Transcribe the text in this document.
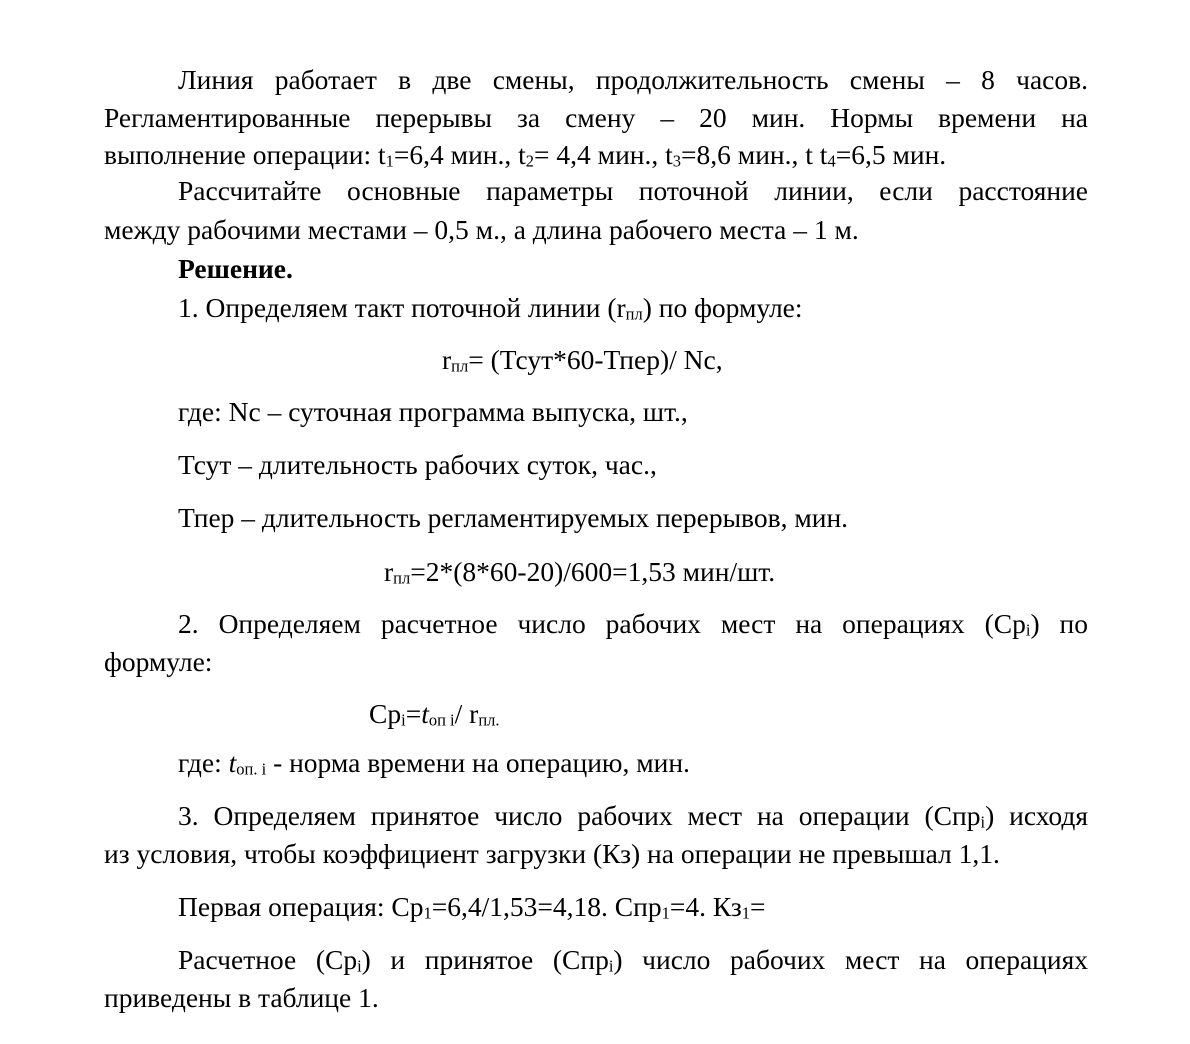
Линия работает в две смены, продолжительность смены – 8 часов.
Регламентированные перерывы за смену – 20 мин. Нормы времени на
выполнение операции: $t_1=6,4$ мин., $t_2= 4,4$ мин., $t_3=8,6$ мин., t $t_4=6,5$ мин.
Рассчитайте основные параметры поточной линии, если расстояние
между рабочими местами – 0,5 м., а длина рабочего места – 1 м.
Решение.
1. Определяем такт поточной линии $(r_{пл})$ по формуле:
$r_{пл}=$ (Тсут*60-Тпер)/ Nс,
где: Nс – суточная программа выпуска, шт.,
Тсут – длительность рабочих суток, час.,
Тпер – длительность регламентируемых перерывов, мин.
$r_{пл}=2*(8*60-20)/600=1,53$ мин/шт.
2. Определяем расчетное число рабочих мест на операциях $(Ср_i)$ по
формуле:
$Ср_i=t_{оп i}/$ $r_{пл.}$
где: $t_{оп. i}$ - норма времени на операцию, мин.
3. Определяем принятое число рабочих мест на операции (Спр$_i$) исходя
из условия, чтобы коэффициент загрузки (Кз) на операции не превышал 1,1.
Первая операция: $Ср_1=6,4/1,53=4,18$. Спр$_1$=4. $Кз_1=$
Расчетное $(Ср_i)$ и принятое (Спр$_i$) число рабочих мест на операциях
приведены в таблице 1.
